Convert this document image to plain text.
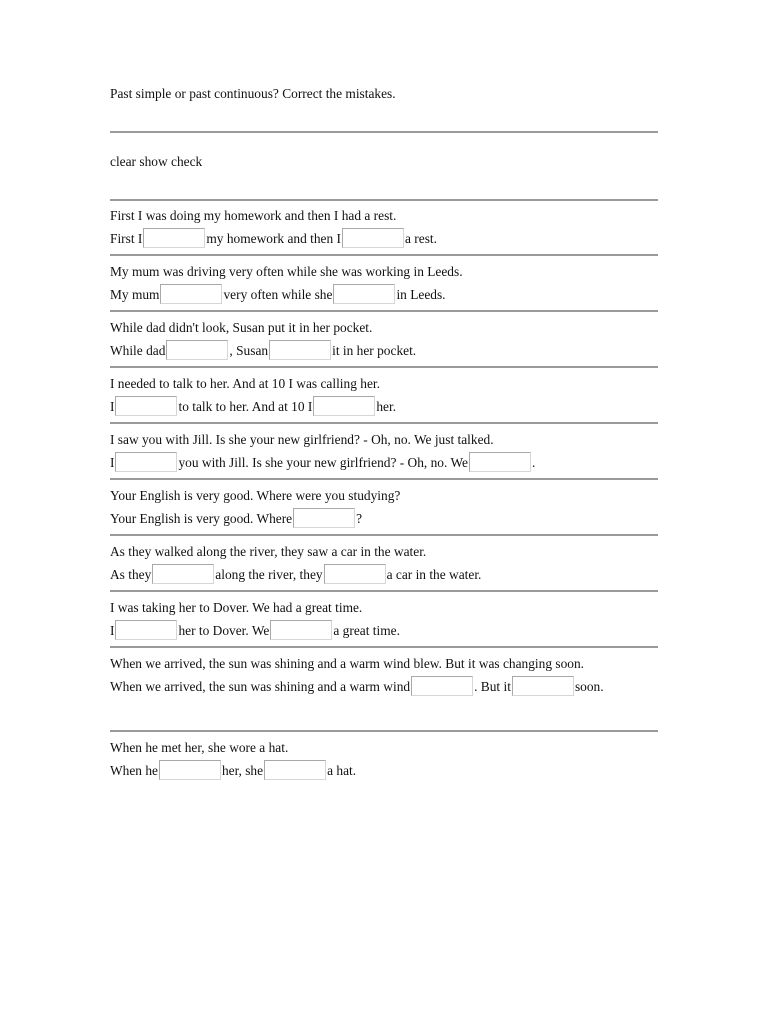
Past simple or past continuous? Correct the mistakes.
clear show check
First I was doing my homework and then I had a rest.
First I	my homework and then I	a rest.
My mum was driving very often while she was working in Leeds.
My mum	very often while she	in Leeds.
While dad didn't look, Susan put it in her pocket.
While dad	, Susan	it in her pocket.
I needed to talk to her. And at 10 I was calling her.
I	to talk to her. And at 10 I	her.
I saw you with Jill. Is she your new girlfriend? - Oh, no. We just talked.
I	you with Jill. Is she your new girlfriend? - Oh, no. We	.
Your English is very good. Where were you studying?
Your English is very good. Where	?
As they walked along the river, they saw a car in the water.
As they	along the river, they	a car in the water.
I was taking her to Dover. We had a great time.
I	her to Dover. We	a great time.
When we arrived, the sun was shining and a warm wind blew. But it was changing soon.
When we arrived, the sun was shining and a warm wind	. But it	soon.
When he met her, she wore a hat.
When he	her, she	a hat.
